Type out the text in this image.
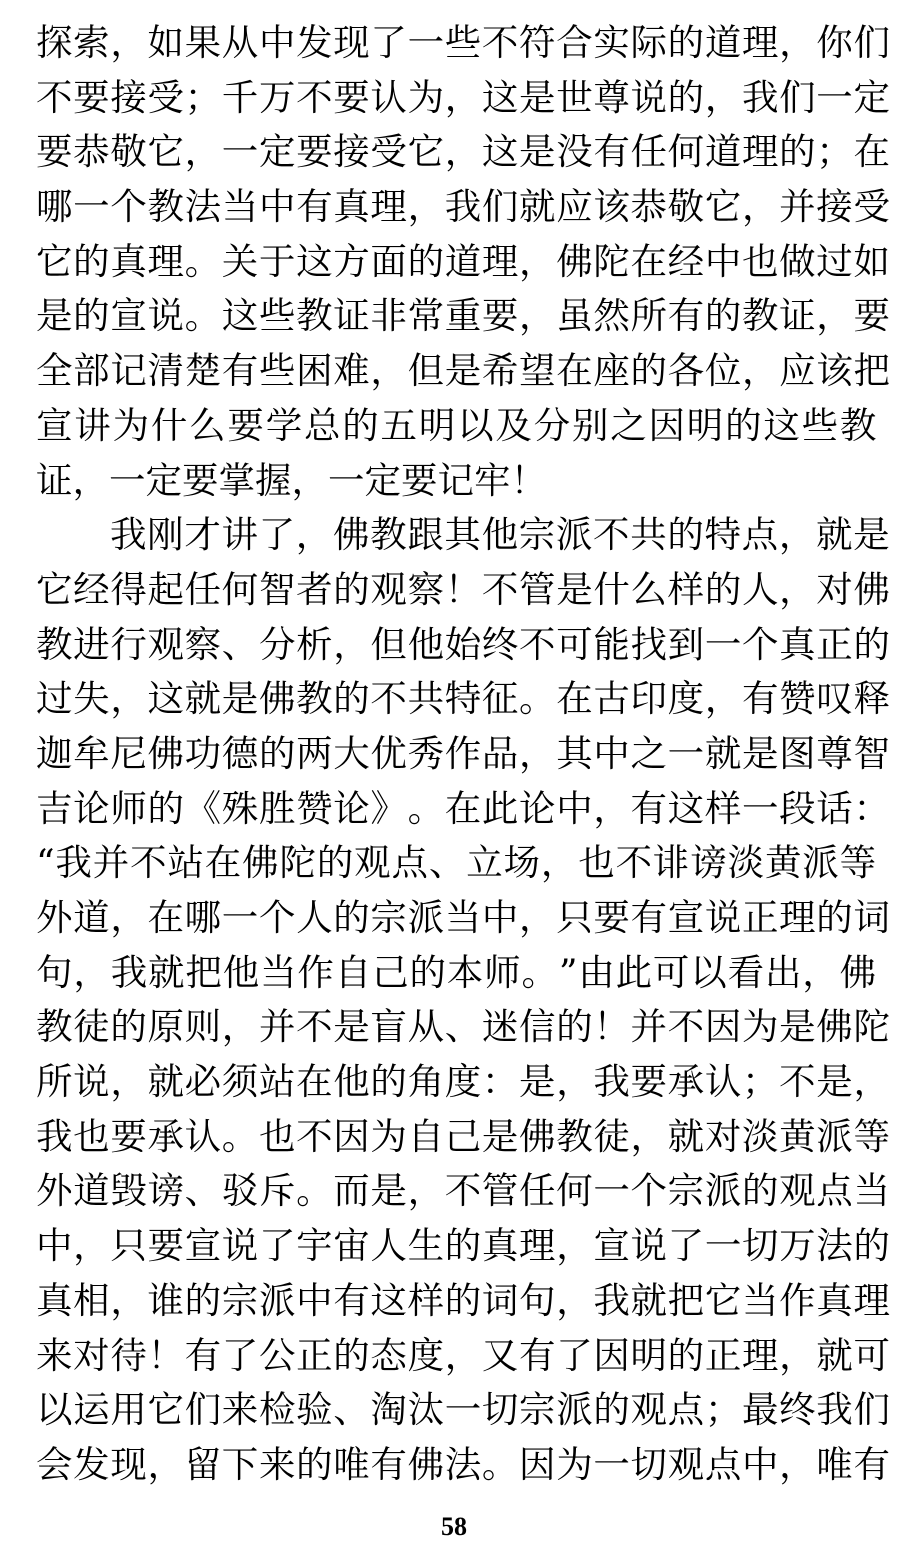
探​ 索​ ，​ 如​ 果​ 从​ 中​ 发​ 现​ 了​ 一​ 些​ 不​ 符​ 合​ 实​ 际​ 的​ 道​ 理​ ，​ 你​ 们
不​ 要​ 接​ 受​ ；​ 千​ 万​ 不​ 要​ 认​ 为​ ，​ 这​ 是​ 世​ 尊​ 说​ 的​ ，​ 我​ 们​ 一​ 定
要​ 恭​ 敬​ 它​ ，​ 一​ 定​ 要​ 接​ 受​ 它​ ，​ 这​ 是​ 没​ 有​ 任​ 何​ 道​ 理​ 的​ ；​ 在
哪​ 一​ 个​ 教​ 法​ 当​ 中​ 有​ 真​ 理​ ，​ 我​ 们​ 就​ 应​ 该​ 恭​ 敬​ 它​ ，​ 并​ 接​ 受
它​ 的​ 真​ 理​ 。​ 关​ 于​ 这​ 方​ 面​ 的​ 道​ 理​ ，​ 佛​ 陀​ 在​ 经​ 中​ 也​ 做​ 过​ 如
是​ 的​ 宣​ 说​ 。​ 这​ 些​ 教​ 证​ 非​ 常​ 重​ 要​ ，​ 虽​ 然​ 所​ 有​ 的​ 教​ 证​ ，​ 要
全​ 部​ 记​ 清​ 楚​ 有​ 些​ 困​ 难​ ，​ 但​ 是​ 希​ 望​ 在​ 座​ 的​ 各​ 位​ ，​ 应​ 该​ 把
宣​ 讲​ 为​ 什​ 么​ 要​ 学​ 总​ 的​ 五​ 明​ 以​ 及​ 分​ 别​ 之​ 因​ 明​ 的​ 这​ 些​ 教
证，一定要掌握，一定要记牢！
我​ 刚​ 才​ 讲​ 了​ ，​ 佛​ 教​ 跟​ 其​ 他​ 宗​ 派​ 不​ 共​ 的​ 特​ 点​ ，​ 就​ 是
它​ 经​ 得​ 起​ 任​ 何​ 智​ 者​ 的​ 观​ 察​ ！​ 不​ 管​ 是​ 什​ 么​ 样​ 的​ 人​ ，​ 对​ 佛
教​ 进​ 行​ 观​ 察​ 、​ 分​ 析​ ，​ 但​ 他​ 始​ 终​ 不​ 可​ 能​ 找​ 到​ 一​ 个​ 真​ 正​ 的
过​ 失​ ，​ 这​ 就​ 是​ 佛​ 教​ 的​ 不​ 共​ 特​ 征​ 。​ 在​ 古​ 印​ 度​ ，​ 有​ 赞​ 叹​ 释
迦​ 牟​ 尼​ 佛​ 功​ 德​ 的​ 两​ 大​ 优​ 秀​ 作​ 品​ ，​ 其​ 中​ 之​ 一​ 就​ 是​ 图​ 尊​ 智
吉​ 论​ 师​ 的​ 《​ 殊​ 胜​ 赞​ 论​ 》​ 。​ 在​ 此​ 论​ 中​ ，​ 有​ 这​ 样​ 一​ 段​ 话​ ：
“​ 我​ 并​ 不​ 站​ 在​ 佛​ 陀​ 的​ 观​ 点​ 、​ 立​ 场​ ，​ 也​ 不​ 诽​ 谤​ 淡​ 黄​ 派​ 等
外​ 道​ ，​ 在​ 哪​ 一​ 个​ 人​ 的​ 宗​ 派​ 当​ 中​ ，​ 只​ 要​ 有​ 宣​ 说​ 正​ 理​ 的​ 词
句​ ，​ 我​ 就​ 把​ 他​ 当​ 作​ 自​ 己​ 的​ 本​ 师​ 。​ ”​ 由​ 此​ 可​ 以​ 看​ 出​ ，​ 佛
教​ 徒​ 的​ 原​ 则​ ，​ 并​ 不​ 是​ 盲​ 从​ 、​ 迷​ 信​ 的​ ！​ 并​ 不​ 因​ 为​ 是​ 佛​ 陀
所​ 说​ ，​ 就​ 必​ 须​ 站​ 在​ 他​ 的​ 角​ 度​ ：​ 是​ ，​ 我​ 要​ 承​ 认​ ；​ 不​ 是​ ，
我​ 也​ 要​ 承​ 认​ 。​ 也​ 不​ 因​ 为​ 自​ 己​ 是​ 佛​ 教​ 徒​ ，​ 就​ 对​ 淡​ 黄​ 派​ 等
外​ 道​ 毁​ 谤​ 、​ 驳​ 斥​ 。​ 而​ 是​ ，​ 不​ 管​ 任​ 何​ 一​ 个​ 宗​ 派​ 的​ 观​ 点​ 当
中​ ，​ 只​ 要​ 宣​ 说​ 了​ 宇​ 宙​ 人​ 生​ 的​ 真​ 理​ ，​ 宣​ 说​ 了​ 一​ 切​ 万​ 法​ 的
真​ 相​ ，​ 谁​ 的​ 宗​ 派​ 中​ 有​ 这​ 样​ 的​ 词​ 句​ ，​ 我​ 就​ 把​ 它​ 当​ 作​ 真​ 理
来​ 对​ 待​ ！​ 有​ 了​ 公​ 正​ 的​ 态​ 度​ ，​ 又​ 有​ 了​ 因​ 明​ 的​ 正​ 理​ ，​ 就​ 可
以​ 运​ 用​ 它​ 们​ 来​ 检​ 验​ 、​ 淘​ 汰​ 一​ 切​ 宗​ 派​ 的​ 观​ 点​ ；​ 最​ 终​ 我​ 们
会​ 发​ 现​ ，​ 留​ 下​ 来​ 的​ 唯​ 有​ 佛​ 法​ 。​ 因​ 为​ 一​ 切​ 观​ 点​ 中​ ，​ 唯​ 有
58
